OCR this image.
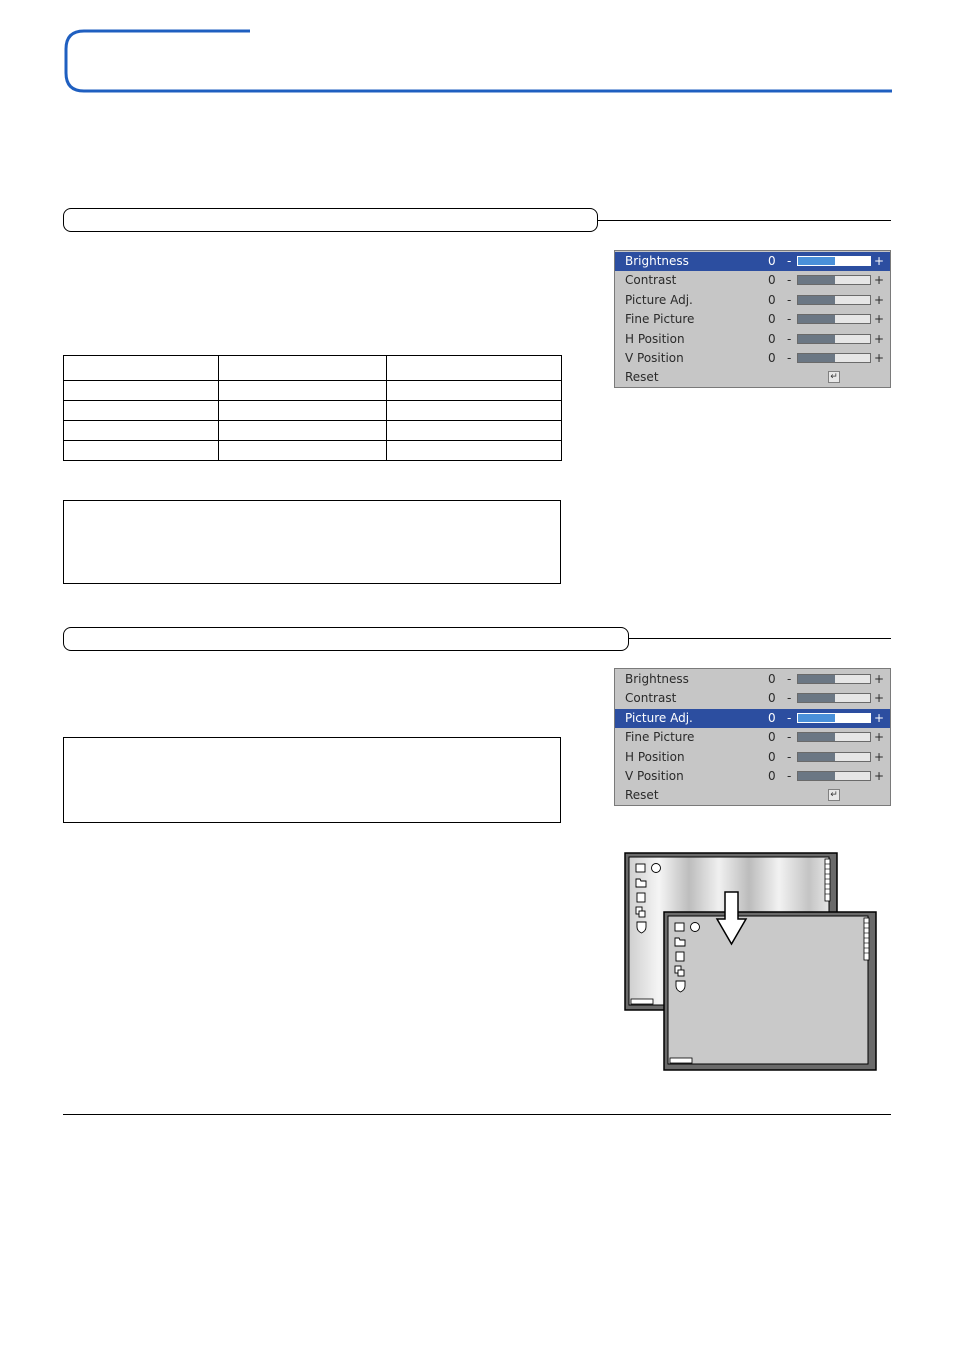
Brightness	0 -	+
Contrast	0 -	+
Picture Adj.	0 -	+
Fine Picture	0 -	+
H Position	0 -	+
V Position	0 -	+
Reset	↵
Brightness	0 -	+
Contrast	0 -	+
Picture Adj.	0 -	+
Fine Picture	0 -	+
H Position	0 -	+
V Position	0 -	+
Reset	↵
